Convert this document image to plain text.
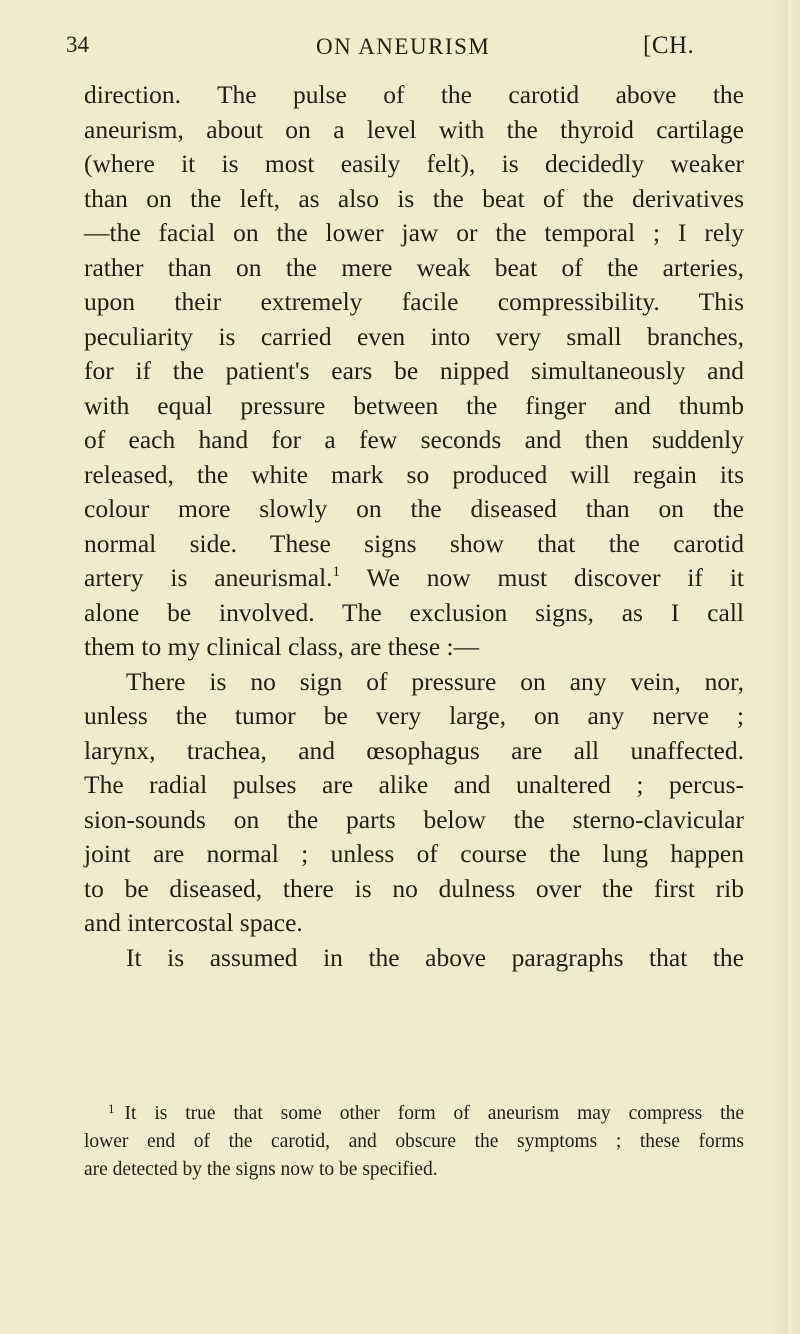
34	ON ANEURISM	[CH.
direction. The pulse of the carotid above the
aneurism, about on a level with the thyroid cartilage
(where it is most easily felt), is decidedly weaker
than on the left, as also is the beat of the derivatives
—the facial on the lower jaw or the temporal ; I rely
rather than on the mere weak beat of the arteries,
upon their extremely facile compressibility. This
peculiarity is carried even into very small branches,
for if the patient's ears be nipped simultaneously and
with equal pressure between the finger and thumb
of each hand for a few seconds and then suddenly
released, the white mark so produced will regain its
colour more slowly on the diseased than on the
normal side. These signs show that the carotid
artery is aneurismal.$^1$ We now must discover if it
alone be involved. The exclusion signs, as I call
them to my clinical class, are these :—
There is no sign of pressure on any vein, nor,
unless the tumor be very large, on any nerve ;
larynx, trachea, and œsophagus are all unaffected.
The radial pulses are alike and unaltered ; percus-
sion-sounds on the parts below the sterno-clavicular
joint are normal ; unless of course the lung happen
to be diseased, there is no dulness over the first rib
and intercostal space.
It is assumed in the above paragraphs that the
$^1$ It is true that some other form of aneurism may compress the
lower end of the carotid, and obscure the symptoms ; these forms
are detected by the signs now to be specified.
